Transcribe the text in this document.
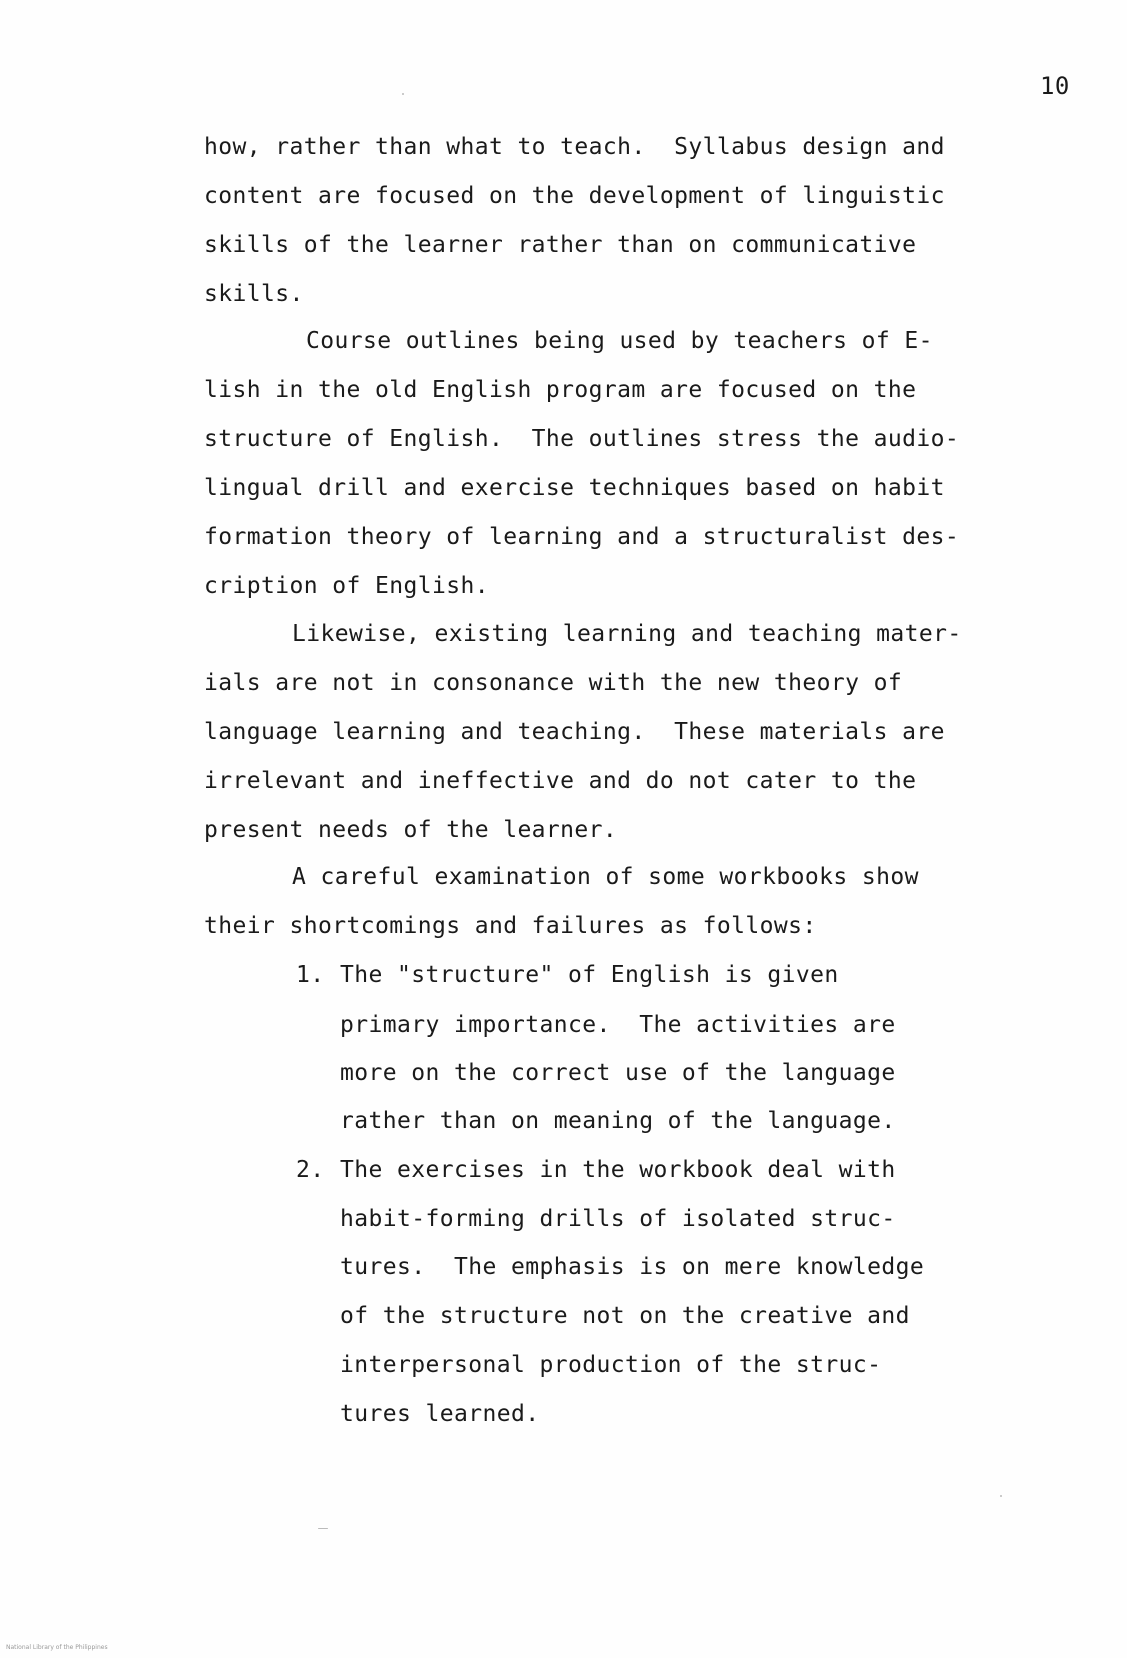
10
how, rather than what to teach.  Syllabus design and
content are focused on the development of linguistic
skills of the learner rather than on communicative
skills.
Course outlines being used by teachers of E-
lish in the old English program are focused on the
structure of English.  The outlines stress the audio-
lingual drill and exercise techniques based on habit
formation theory of learning and a structuralist des-
cription of English.
Likewise, existing learning and teaching mater-
ials are not in consonance with the new theory of
language learning and teaching.  These materials are
irrelevant and ineffective and do not cater to the
present needs of the learner.
A careful examination of some workbooks show
their shortcomings and failures as follows:
1. The "structure" of English is given
primary importance.  The activities are
more on the correct use of the language
rather than on meaning of the language.
2. The exercises in the workbook deal with
habit-forming drills of isolated struc-
tures.  The emphasis is on mere knowledge
of the structure not on the creative and
interpersonal production of the struc-
tures learned.
National Library of the Philippines
